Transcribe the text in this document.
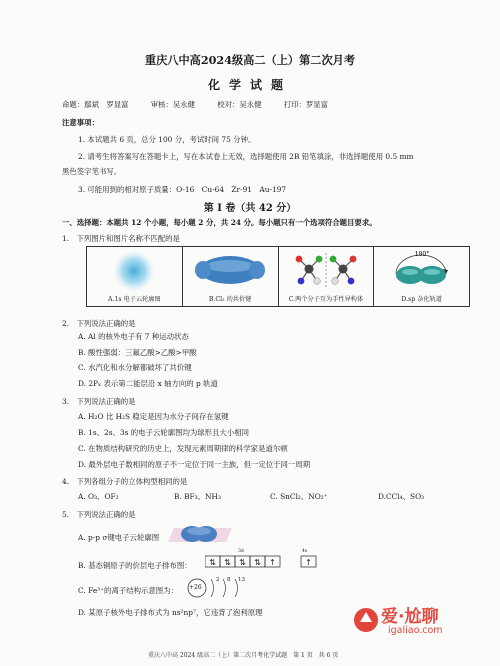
重庆八中高2024级高二（上）第二次月考
化学试题
命题：鄢斌　罗显富　　　审核：吴永健　　　校对：吴永健　　　打印：罗显富
注意事项：
1. 本试题共 6 页，总分 100 分，考试时间 75 分钟。
2. 请考生将答案写在答题卡上，写在本试卷上无效，选择题使用 2B 铅笔填涂，非选择题使用 0.5 mm
黑色签字笔书写。
3. 可能用到的相对原子质量：O-16　Cu-64　Zr-91　Au-197
第 I 卷（共 42 分）
一、选择题：本题共 12 个小题，每小题 2 分，共 24 分。每小题只有一个选项符合题目要求。
1.　下列图片和图片名称不匹配的是
A.1s 电子云轮廓图	B.Cl₂ 的共价键	C.两个分子互为手性异构体
180°
D.sp 杂化轨道
2.　下列说法正确的是
A. Al 的核外电子有 7 种运动状态
B. 酸性强弱：三氟乙酸>乙酸>甲酸
C. 水汽化和水分解都破坏了共价键
D. 2Pₓ 表示第二能层沿 x 轴方向的 p 轨道
3.　下列说法正确的是
A. H₂O 比 H₂S 稳定是因为水分子间存在氢键
B. 1s、2s、3s 的电子云轮廓图均为球形且大小相同
C. 在物质结构研究的历史上，发现元素周期律的科学家是道尔顿
D. 最外层电子数相同的原子不一定位于同一主族，但一定位于同一周期
4.　下列各组分子的立体构型相同的是
A. O₃、OF₂	B. BF₃、NH₃	C. SnCl₂、NO₂⁺	D.CCl₄、SO₃
5.　下列说法正确的是
A. p-p σ键电子云轮廓图
B. 基态铜原子的价层电子排布图：
3d	4s
⇅ ⇅ ⇅ ⇅ ↑	↑
C. Fe³⁺的离子结构示意图为： +26
2 8 13
D. 某原子核外电子排布式为 ns²np⁷，它违背了泡利原理	爱·尬聊
igaliao.com
重庆八中高 2024 级高二（上）第二次月考化学试题　第 1 页　共 6 页
